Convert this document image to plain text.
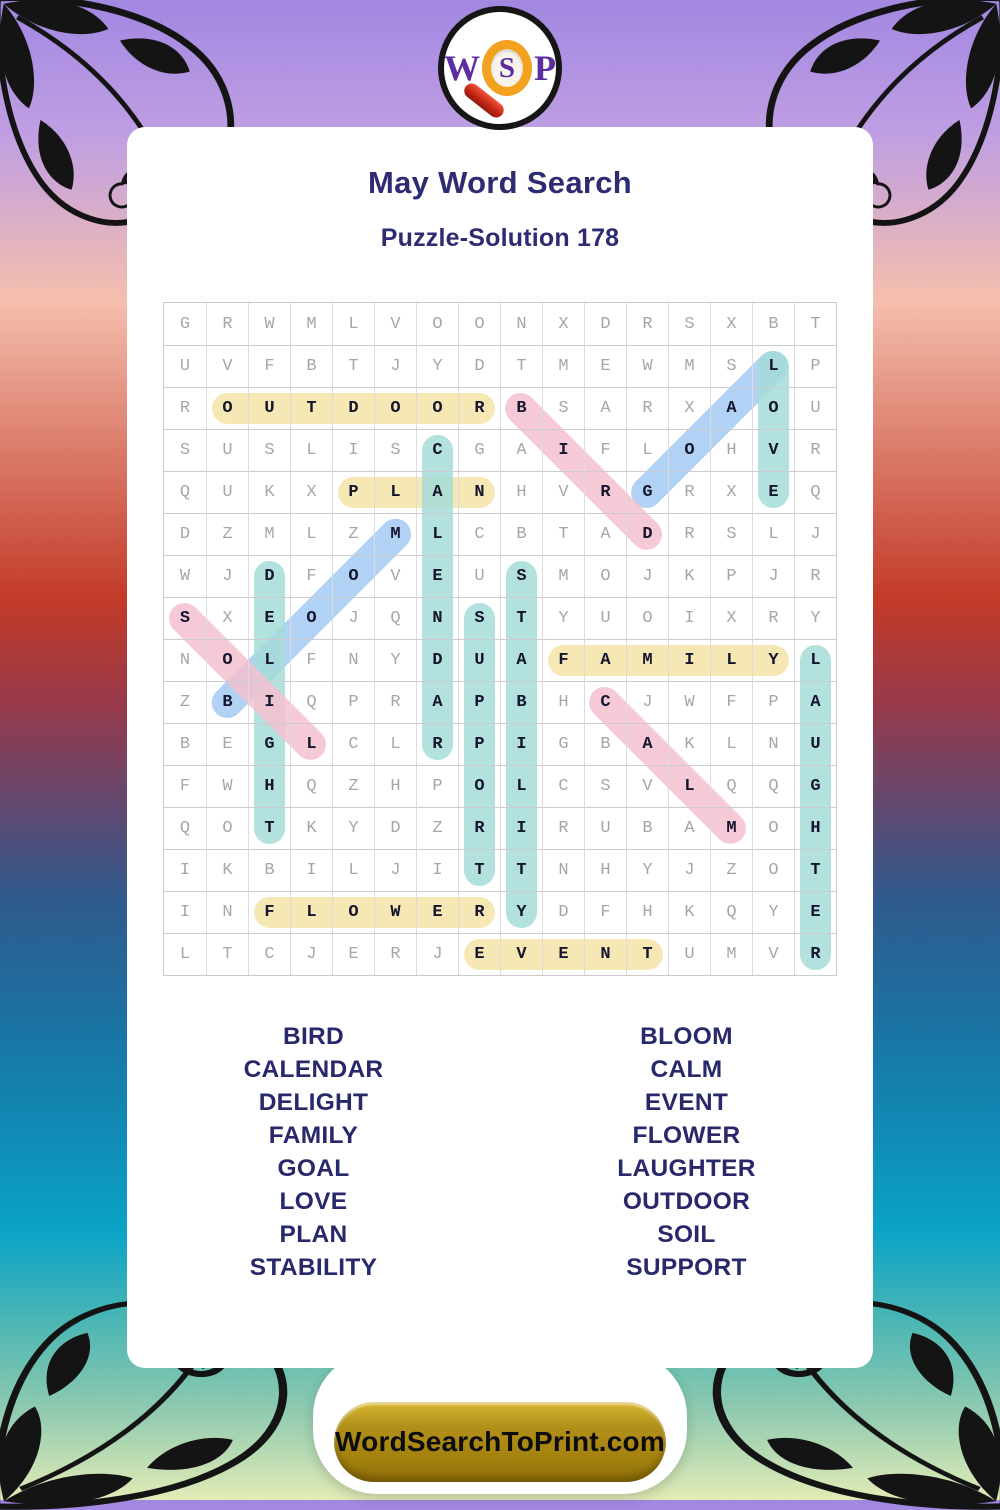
W S P
May Word Search
Puzzle-Solution 178
G	R	W	M	L	V	O	O	N	X	D	R	S	X	B	T
U	V	F	B	T	J	Y	D	T	M	E	W	M	S	L	P
R	O	U	T	D	O	O	R	B	S	A	R	X	A	O	U
S	U	S	L	I	S	C	G	A	I	F	L	O	H	V	R
Q	U	K	X	P	L	A	N	H	V	R	G	R	X	E	Q
D	Z	M	L	Z	M	L	C	B	T	A	D	R	S	L	J
W	J	D	F	O	V	E	U	S	M	O	J	K	P	J	R
S	X	E	O	J	Q	N	S	T	Y	U	O	I	X	R	Y
N	O	L	F	N	Y	D	U	A	F	A	M	I	L	Y	L
Z	B	I	Q	P	R	A	P	B	H	C	J	W	F	P	A
B	E	G	L	C	L	R	P	I	G	B	A	K	L	N	U
F	W	H	Q	Z	H	P	O	L	C	S	V	L	Q	Q	G
Q	O	T	K	Y	D	Z	R	I	R	U	B	A	M	O	H
I	K	B	I	L	J	I	T	T	N	H	Y	J	Z	O	T
I	N	F	L	O	W	E	R	Y	D	F	H	K	Q	Y	E
L	T	C	J	E	R	J	E	V	E	N	T	U	M	V	R
BIRD
CALENDAR
DELIGHT
FAMILY
GOAL
LOVE
PLAN
STABILITY
BLOOM
CALM
EVENT
FLOWER
LAUGHTER
OUTDOOR
SOIL
SUPPORT
WordSearchToPrint.com
